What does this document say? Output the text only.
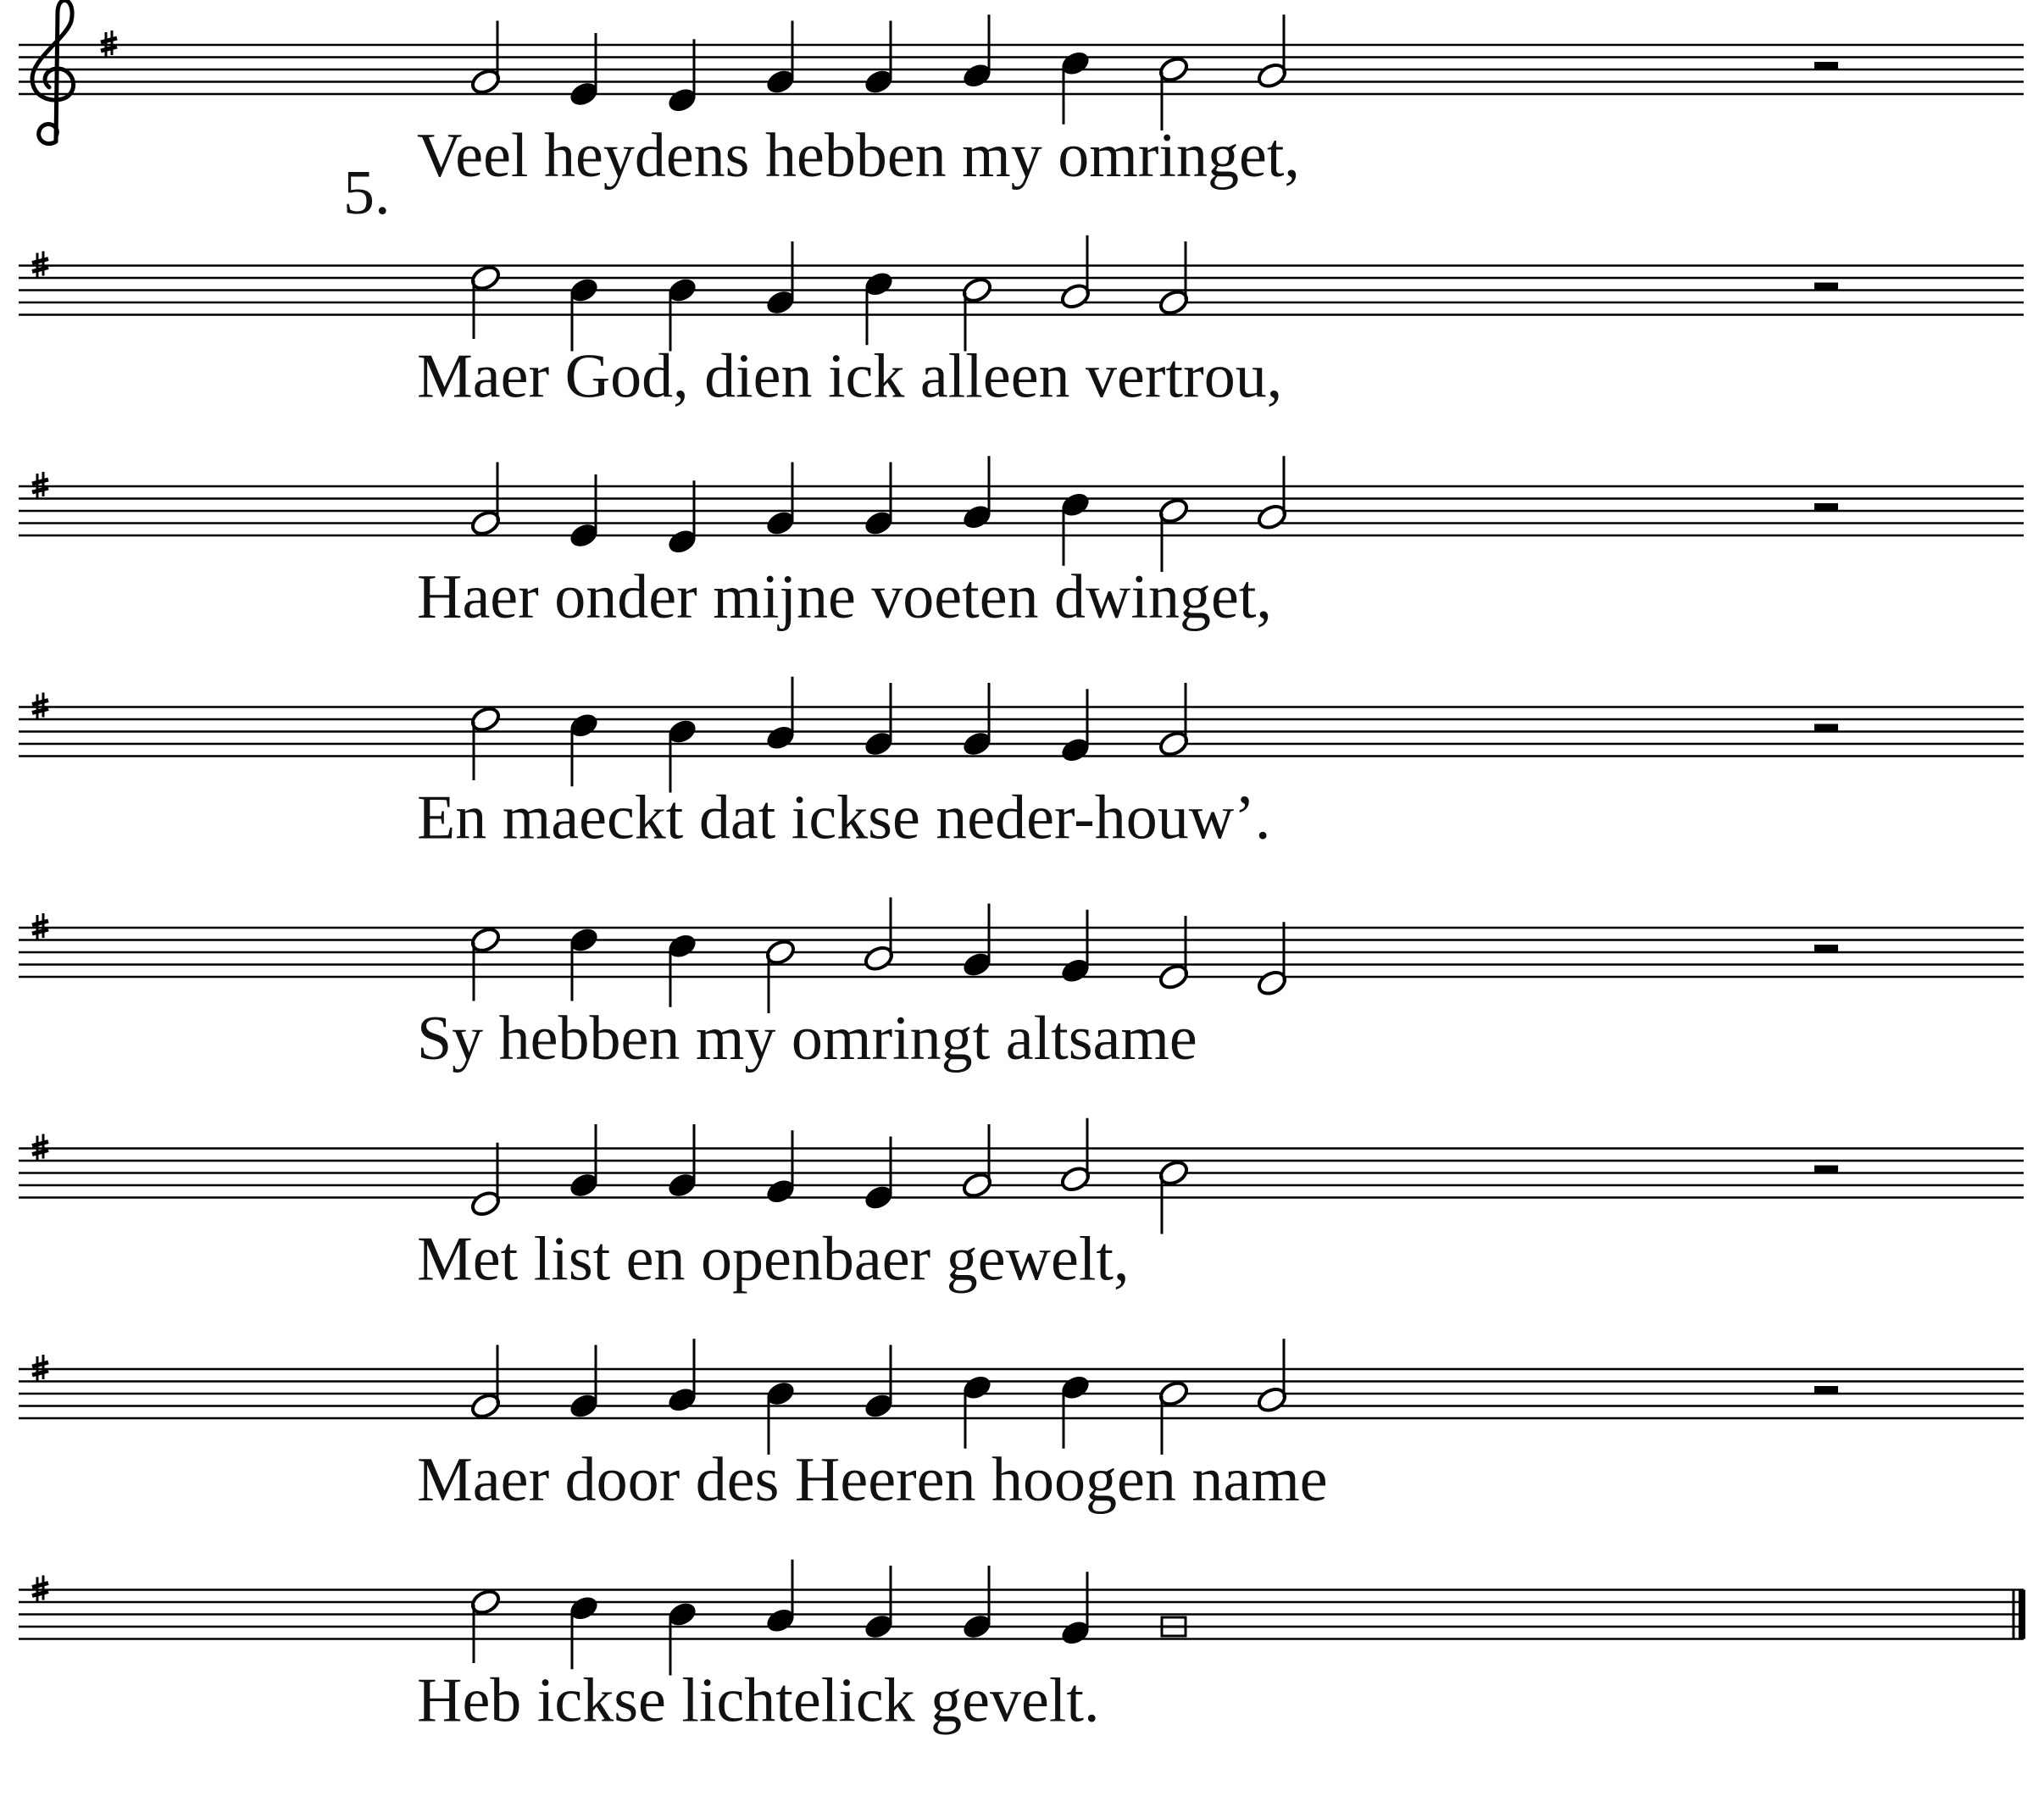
Veel heydens hebben my omringet,
Maer God, dien ick alleen vertrou,
Haer onder mijne voeten dwinget,
En maeckt dat ickse neder-houw’.
Sy hebben my omringt altsame
Met list en openbaer gewelt,
Maer door des Heeren hoogen name
Heb ickse lichtelick gevelt.
5.
